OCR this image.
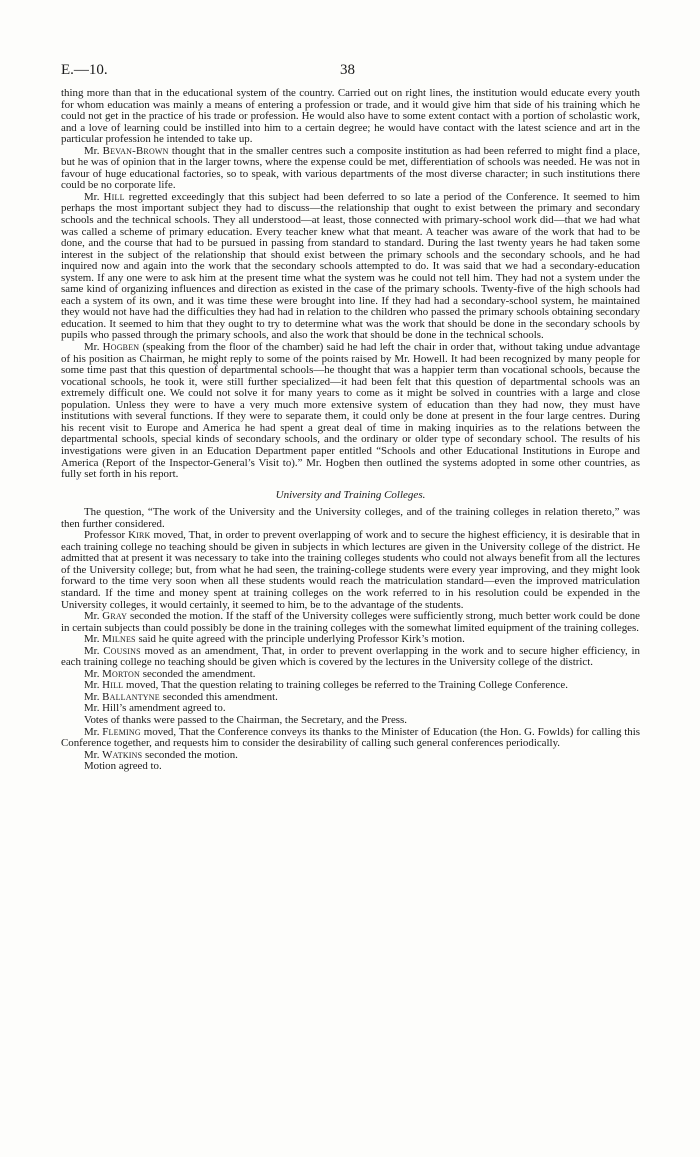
E.—10.	38

thing more than that in the educational system of the country. Carried out on right lines, the institution would educate every youth for whom education was mainly a means of entering a profession or trade, and it would give him that side of his training which he could not get in the practice of his trade or profession. He would also have to some extent contact with a portion of scholastic work, and a love of learning could be instilled into him to a certain degree; he would have contact with the latest science and art in the particular profession he intended to take up.

Mr. Bevan-Brown thought that in the smaller centres such a composite institution as had been referred to might find a place, but he was of opinion that in the larger towns, where the expense could be met, differentiation of schools was needed. He was not in favour of huge educational factories, so to speak, with various departments of the most diverse character; in such institutions there could be no corporate life.

Mr. Hill regretted exceedingly that this subject had been deferred to so late a period of the Conference. It seemed to him perhaps the most important subject they had to discuss—the relationship that ought to exist between the primary and secondary schools and the technical schools. They all understood—at least, those connected with primary-school work did—that we had what was called a scheme of primary education. Every teacher knew what that meant. A teacher was aware of the work that had to be done, and the course that had to be pursued in passing from standard to standard. During the last twenty years he had taken some interest in the subject of the relationship that should exist between the primary schools and the secondary schools, and he had inquired now and again into the work that the secondary schools attempted to do. It was said that we had a secondary-education system. If any one were to ask him at the present time what the system was he could not tell him. They had not a system under the same kind of organizing influences and direction as existed in the case of the primary schools. Twenty-five of the high schools had each a system of its own, and it was time these were brought into line. If they had had a secondary-school system, he maintained they would not have had the difficulties they had had in relation to the children who passed the primary schools obtaining secondary education. It seemed to him that they ought to try to determine what was the work that should be done in the secondary schools by pupils who passed through the primary schools, and also the work that should be done in the technical schools.

Mr. Hogben (speaking from the floor of the chamber) said he had left the chair in order that, without taking undue advantage of his position as Chairman, he might reply to some of the points raised by Mr. Howell. It had been recognized by many people for some time past that this question of departmental schools—he thought that was a happier term than vocational schools, because the vocational schools, he took it, were still further specialized—it had been felt that this question of departmental schools was an extremely difficult one. We could not solve it for many years to come as it might be solved in countries with a large and close population. Unless they were to have a very much more extensive system of education than they had now, they must have institutions with several functions. If they were to separate them, it could only be done at present in the four large centres. During his recent visit to Europe and America he had spent a great deal of time in making inquiries as to the relations between the departmental schools, special kinds of secondary schools, and the ordinary or older type of secondary school. The results of his investigations were given in an Education Department paper entitled “Schools and other Educational Institutions in Europe and America (Report of the Inspector-General’s Visit to).” Mr. Hogben then outlined the systems adopted in some other countries, as fully set forth in his report.

University and Training Colleges.

The question, “The work of the University and the University colleges, and of the training colleges in relation thereto,” was then further considered.

Professor Kirk moved, That, in order to prevent overlapping of work and to secure the highest efficiency, it is desirable that in each training college no teaching should be given in subjects in which lectures are given in the University college of the district. He admitted that at present it was necessary to take into the training colleges students who could not always benefit from all the lectures of the University college; but, from what he had seen, the training-college students were every year improving, and they might look forward to the time very soon when all these students would reach the matriculation standard—even the improved matriculation standard. If the time and money spent at training colleges on the work referred to in his resolution could be expended in the University colleges, it would certainly, it seemed to him, be to the advantage of the students.

Mr. Gray seconded the motion. If the staff of the University colleges were sufficiently strong, much better work could be done in certain subjects than could possibly be done in the training colleges with the somewhat limited equipment of the training colleges.

Mr. Milnes said he quite agreed with the principle underlying Professor Kirk’s motion.

Mr. Cousins moved as an amendment, That, in order to prevent overlapping in the work and to secure higher efficiency, in each training college no teaching should be given which is covered by the lectures in the University college of the district.

Mr. Morton seconded the amendment.

Mr. Hill moved, That the question relating to training colleges be referred to the Training College Conference.

Mr. Ballantyne seconded this amendment.

Mr. Hill’s amendment agreed to.

Votes of thanks were passed to the Chairman, the Secretary, and the Press.

Mr. Fleming moved, That the Conference conveys its thanks to the Minister of Education (the Hon. G. Fowlds) for calling this Conference together, and requests him to consider the desirability of calling such general conferences periodically.

Mr. Watkins seconded the motion.

Motion agreed to.
